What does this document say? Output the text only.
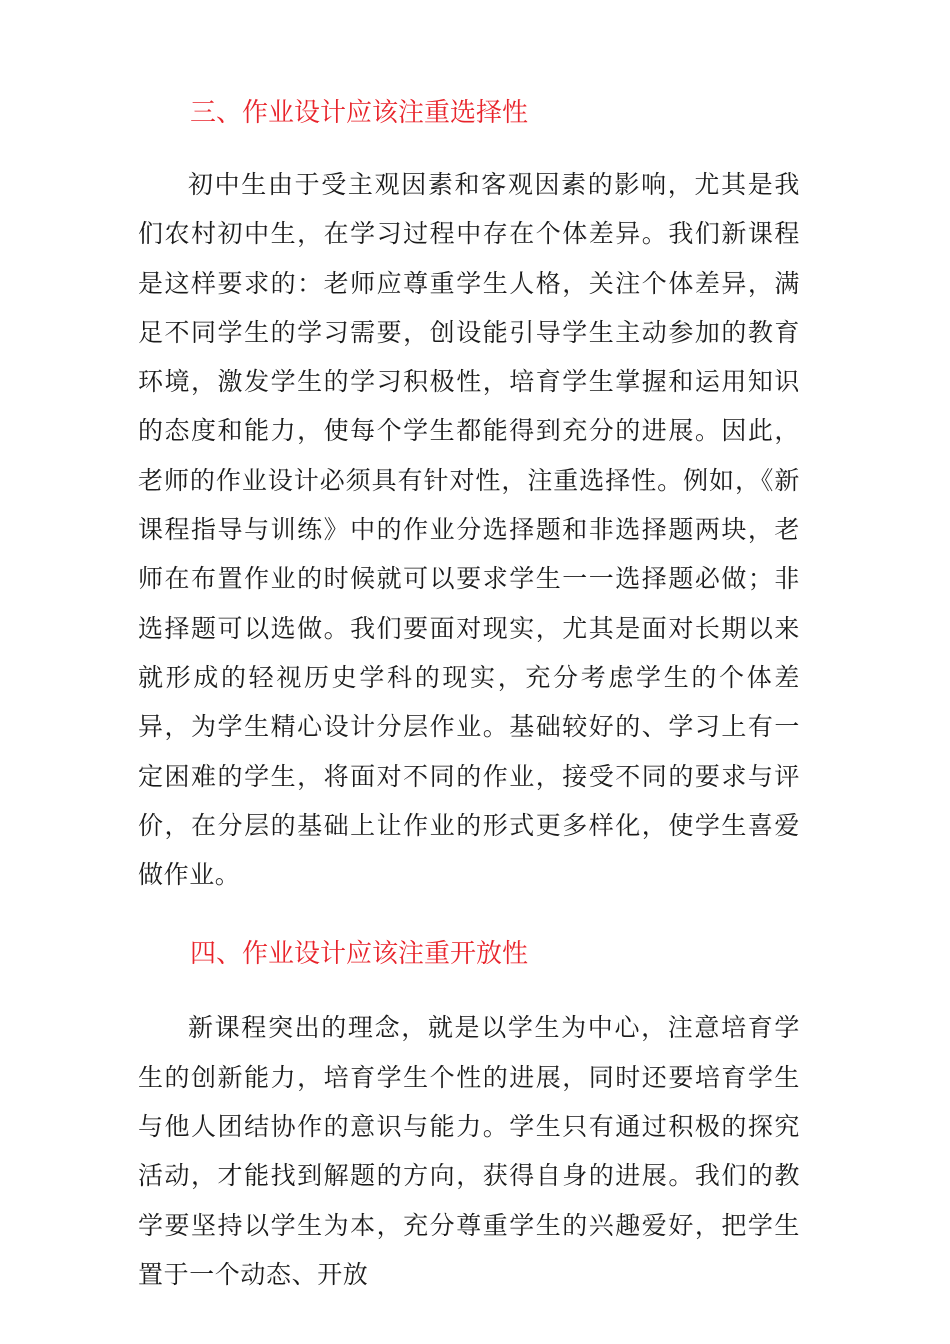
三、作业设计应该注重选择性

初中生由于受主观因素和客观因素的影响，尤其是我们农村初中生，在学习过程中存在个体差异。我们新课程是这样要求的：老师应尊重学生人格，关注个体差异，满足不同学生的学习需要，创设能引导学生主动参加的教育环境，激发学生的学习积极性，培育学生掌握和运用知识的态度和能力，使每个学生都能得到充分的进展。因此，老师的作业设计必须具有针对性，注重选择性。例如，《新课程指导与训练》中的作业分选择题和非选择题两块，老师在布置作业的时候就可以要求学生一一选择题必做；非选择题可以选做。我们要面对现实，尤其是面对长期以来就形成的轻视历史学科的现实，充分考虑学生的个体差异，为学生精心设计分层作业。基础较好的、学习上有一定困难的学生，将面对不同的作业，接受不同的要求与评价，在分层的基础上让作业的形式更多样化，使学生喜爱做作业。

四、作业设计应该注重开放性

新课程突出的理念，就是以学生为中心，注意培育学生的创新能力，培育学生个性的进展，同时还要培育学生与他人团结协作的意识与能力。学生只有通过积极的探究活动，才能找到解题的方向，获得自身的进展。我们的教学要坚持以学生为本，充分尊重学生的兴趣爱好，把学生置于一个动态、开放
